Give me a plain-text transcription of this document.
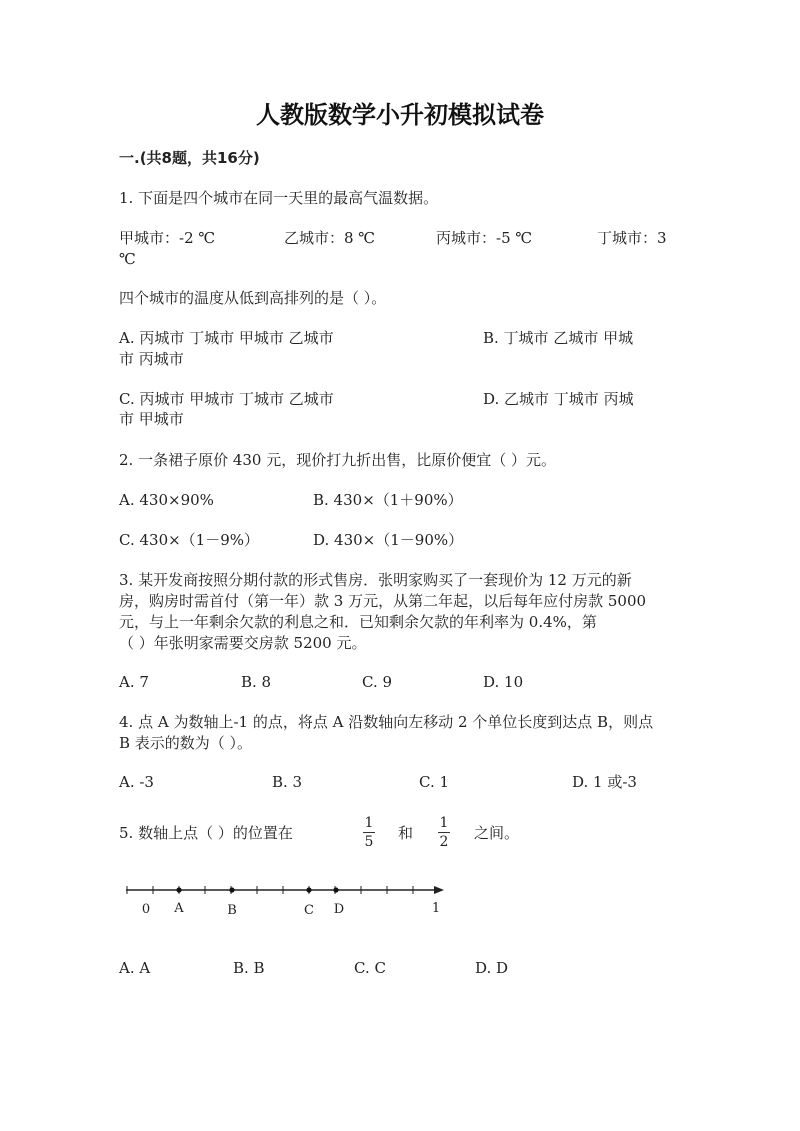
人教版数学小升初模拟试卷
一.(共8题，共16分)
1. 下面是四个城市在同一天里的最高气温数据。
甲城市：-2 ℃	乙城市：8 ℃	丙城市：-5 ℃	丁城市：3
℃
四个城市的温度从低到高排列的是（ ）。
A. 丙城市 丁城市 甲城市 乙城市	B. 丁城市 乙城市 甲城
市 丙城市
C. 丙城市 甲城市 丁城市 乙城市	D. 乙城市 丁城市 丙城
市 甲城市
2. 一条裙子原价 430 元，现价打九折出售，比原价便宜（ ）元。
A. 430×90%	B. 430×（1＋90%）
C. 430×（1－9%）	D. 430×（1－90%）
3. 某开发商按照分期付款的形式售房．张明家购买了一套现价为 12 万元的新
房，购房时需首付（第一年）款 3 万元，从第二年起，以后每年应付房款 5000
元，与上一年剩余欠款的利息之和．已知剩余欠款的年利率为 0.4%，第
（ ）年张明家需要交房款 5200 元。
A. 7	B. 8	C. 9	D. 10
4. 点 A 为数轴上-1 的点，将点 A 沿数轴向左移动 2 个单位长度到达点 B，则点
B 表示的数为（ ）。
A. -3	B. 3	C. 1	D. 1 或-3
5. 数轴上点（ ）的位置在
1
5 和
1
2 之间。
0 A	B	C D	1
A. A	B. B	C. C	D. D
